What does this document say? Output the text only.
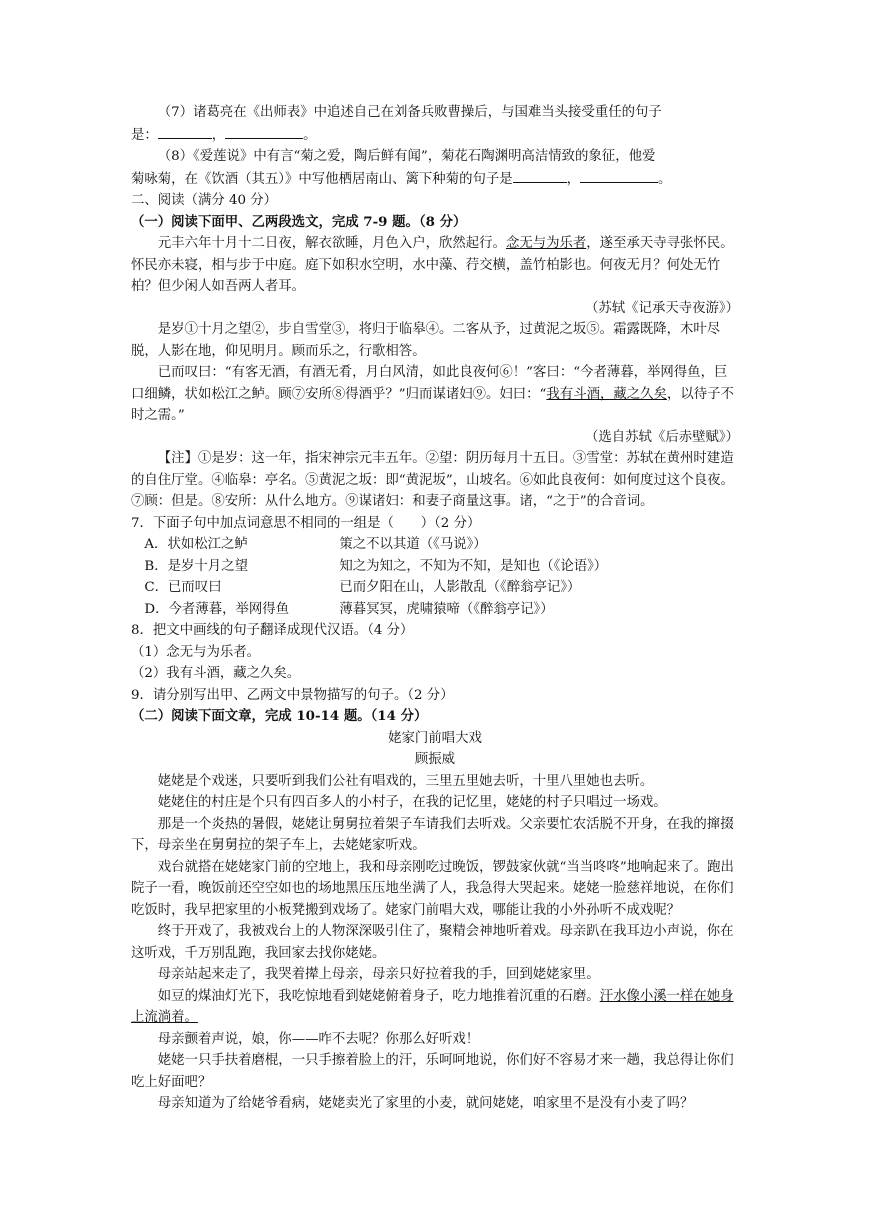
（7）诸葛亮在《出师表》中追述自己在刘备兵败曹操后，与国难当头接受重任的句子

是：	，	。

（8）《爱莲说》中有言“菊之爱，陶后鲜有闻”，菊花石陶渊明高洁情致的象征，他爱

菊咏菊，在《饮酒（其五）》中写他栖居南山、篱下种菊的句子是	，	。

二、阅读（满分 40 分）

（一）阅读下面甲、乙两段选文，完成 7-9 题。（8 分）

元丰六年十月十二日夜，解衣欲睡，月色入户，欣然起行。念无与为乐者，遂至承天寺寻张怀民。怀民亦未寝，相与步于中庭。庭下如积水空明，水中藻、荇交横，盖竹柏影也。何夜无月？何处无竹柏？但少闲人如吾两人者耳。

（苏轼《记承天寺夜游》）

是岁①十月之望②，步自雪堂③，将归于临皋④。二客从予，过黄泥之坂⑤。霜露既降，木叶尽脱，人影在地，仰见明月。顾而乐之，行歌相答。

已而叹曰：“有客无酒，有酒无肴，月白风清，如此良夜何⑥！”客曰：“今者薄暮，举网得鱼，巨口细鳞，状如松江之鲈。顾⑦安所⑧得酒乎？”归而谋诸妇⑨。妇曰：“我有斗酒，藏之久矣，以待子不时之需。”

（选自苏轼《后赤壁赋》）

【注】①是岁：这一年，指宋神宗元丰五年。②望：阴历每月十五日。③雪堂：苏轼在黄州时建造的自住厅堂。④临皋：亭名。⑤黄泥之坂：即“黄泥坂”，山坡名。⑥如此良夜何：如何度过这个良夜。⑦顾：但是。⑧安所：从什么地方。⑨谋诸妇：和妻子商量这事。诸，“之于”的合音词。

7．下面子句中加点词意思不相同的一组是（　　）（2 分）

A．状如松江之鲈	策之不以其道（《马说》）
B．是岁十月之望	知之为知之，不知为不知，是知也（《论语》）
C．已而叹曰	已而夕阳在山，人影散乱（《醉翁亭记》）
D．今者薄暮，举网得鱼	薄暮冥冥，虎啸猿啼（《醉翁亭记》）

8．把文中画线的句子翻译成现代汉语。（4 分）

（1）念无与为乐者。

（2）我有斗酒，藏之久矣。

9．请分别写出甲、乙两文中景物描写的句子。（2 分）

（二）阅读下面文章，完成 10-14 题。（14 分）

姥家门前唱大戏

顾振威

姥姥是个戏迷，只要听到我们公社有唱戏的，三里五里她去听，十里八里她也去听。

姥姥住的村庄是个只有四百多人的小村子，在我的记忆里，姥姥的村子只唱过一场戏。

那是一个炎热的暑假，姥姥让舅舅拉着架子车请我们去听戏。父亲要忙农活脱不开身，在我的撺掇下，母亲坐在舅舅拉的架子车上，去姥姥家听戏。

戏台就搭在姥姥家门前的空地上，我和母亲刚吃过晚饭，锣鼓家伙就“当当咚咚”地响起来了。跑出院子一看，晚饭前还空空如也的场地黑压压地坐满了人，我急得大哭起来。姥姥一脸慈祥地说，在你们吃饭时，我早把家里的小板凳搬到戏场了。姥家门前唱大戏，哪能让我的小外孙听不成戏呢？

终于开戏了，我被戏台上的人物深深吸引住了，聚精会神地听着戏。母亲趴在我耳边小声说，你在这听戏，千万别乱跑，我回家去找你姥姥。

母亲站起来走了，我哭着撵上母亲，母亲只好拉着我的手，回到姥姥家里。

如豆的煤油灯光下，我吃惊地看到姥姥俯着身子，吃力地推着沉重的石磨。汗水像小溪一样在她身上流淌着。

母亲颤着声说，娘，你——咋不去呢？你那么好听戏！

姥姥一只手扶着磨棍，一只手擦着脸上的汗，乐呵呵地说，你们好不容易才来一趟，我总得让你们吃上好面吧？

母亲知道为了给姥爷看病，姥姥卖光了家里的小麦，就问姥姥，咱家里不是没有小麦了吗？
